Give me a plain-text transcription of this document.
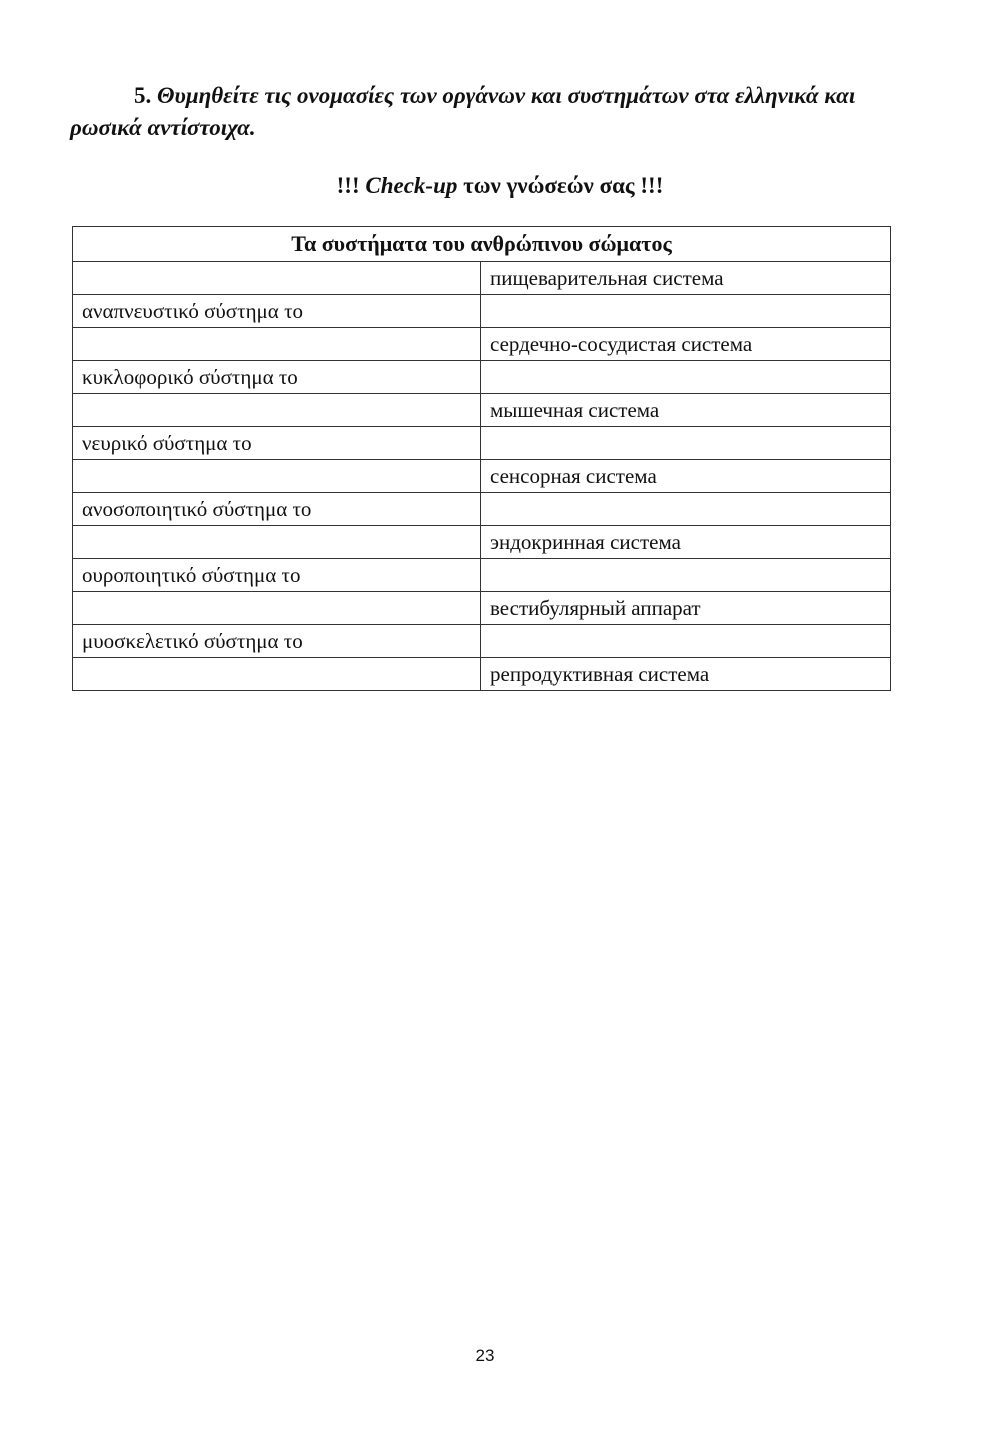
5. Θυμηθείτε τις ονομασίες των οργάνων και συστημάτων στα ελληνικά και ρωσικά αντίστοιχα.

!!! Check-up των γνώσεών σας !!!

Τα συστήματα του ανθρώπινου σώματος	
	пищеварительная система
αναπνευστικό σύστημα το	
	сердечно-сосудистая система
κυκλοφορικό σύστημα το	
	мышечная система
νευρικό σύστημα το	
	сенсорная система
ανοσοποιητικό σύστημα το	
	эндокринная система
ουροποιητικό σύστημα το	
	вестибулярный аппарат
μυοσκελετικό σύστημα το	
	репродуктивная система

23
